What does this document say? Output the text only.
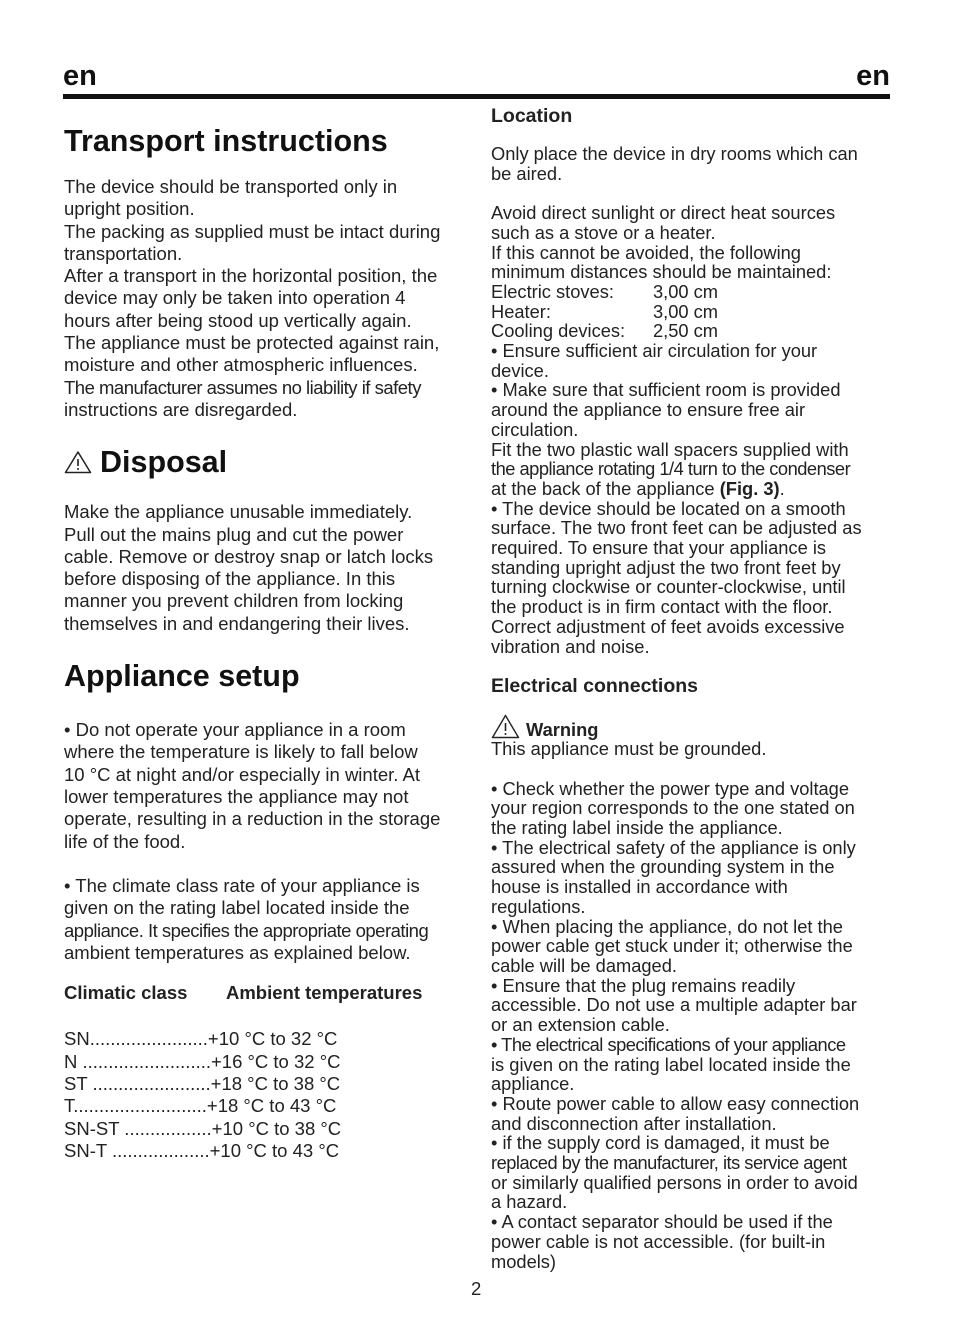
en	en
Transport instructions

The device should be transported only in

upright position.

The packing as supplied must be intact during

transportation.

After a transport in the horizontal position, the

device may only be taken into operation 4

hours after being stood up vertically again.

The appliance must be protected against rain,

moisture and other atmospheric influences.

The manufacturer assumes no liability if safety

instructions are disregarded.

Disposal

Make the appliance unusable immediately.

Pull out the mains plug and cut the power

cable. Remove or destroy snap or latch locks

before disposing of the appliance. In this

manner you prevent children from locking

themselves in and endangering their lives.

Appliance setup

• Do not operate your appliance in a room

where the temperature is likely to fall below

10 °C at night and/or especially in winter. At

lower temperatures the appliance may not

operate, resulting in a reduction in the storage

life of the food.

• The climate class rate of your appliance is

given on the rating label located inside the

appliance. It specifies the appropriate operating

ambient temperatures as explained below.

Climatic class	Ambient temperatures
SN.......................+10 °C to 32 °C
N .........................+16 °C to 32 °C
ST .......................+18 °C to 38 °C
T..........................+18 °C to 43 °C
SN-ST .................+10 °C to 38 °C
SN-T ...................+10 °C to 43 °C
Location

Only place the device in dry rooms which can

be aired.

Avoid direct sunlight or direct heat sources

such as a stove or a heater.

If this cannot be avoided, the following

minimum distances should be maintained:

Electric stoves:	3,00 cm
Heater:	3,00 cm
Cooling devices:	2,50 cm

• Ensure sufficient air circulation for your

device.

• Make sure that sufficient room is provided

around the appliance to ensure free air

circulation.

Fit the two plastic wall spacers supplied with

the appliance rotating 1/4 turn to the condenser

at the back of the appliance (Fig. 3).

• The device should be located on a smooth

surface. The two front feet can be adjusted as

required. To ensure that your appliance is

standing upright adjust the two front feet by

turning clockwise or counter-clockwise, until

the product is in firm contact with the floor.

Correct adjustment of feet avoids excessive

vibration and noise.

Electrical connections
Warning

This appliance must be grounded.

• Check whether the power type and voltage

your region corresponds to the one stated on

the rating label inside the appliance.

• The electrical safety of the appliance is only

assured when the grounding system in the

house is installed in accordance with

regulations.

• When placing the appliance, do not let the

power cable get stuck under it; otherwise the

cable will be damaged.

• Ensure that the plug remains readily

accessible. Do not use a multiple adapter bar

or an extension cable.

• The electrical specifications of your appliance

is given on the rating label located inside the

appliance.

• Route power cable to allow easy connection

and disconnection after installation.

• if the supply cord is damaged, it must be

replaced by the manufacturer, its service agent

or similarly qualified persons in order to avoid

a hazard.

• A contact separator should be used if the

power cable is not accessible. (for built-in

models)

2
